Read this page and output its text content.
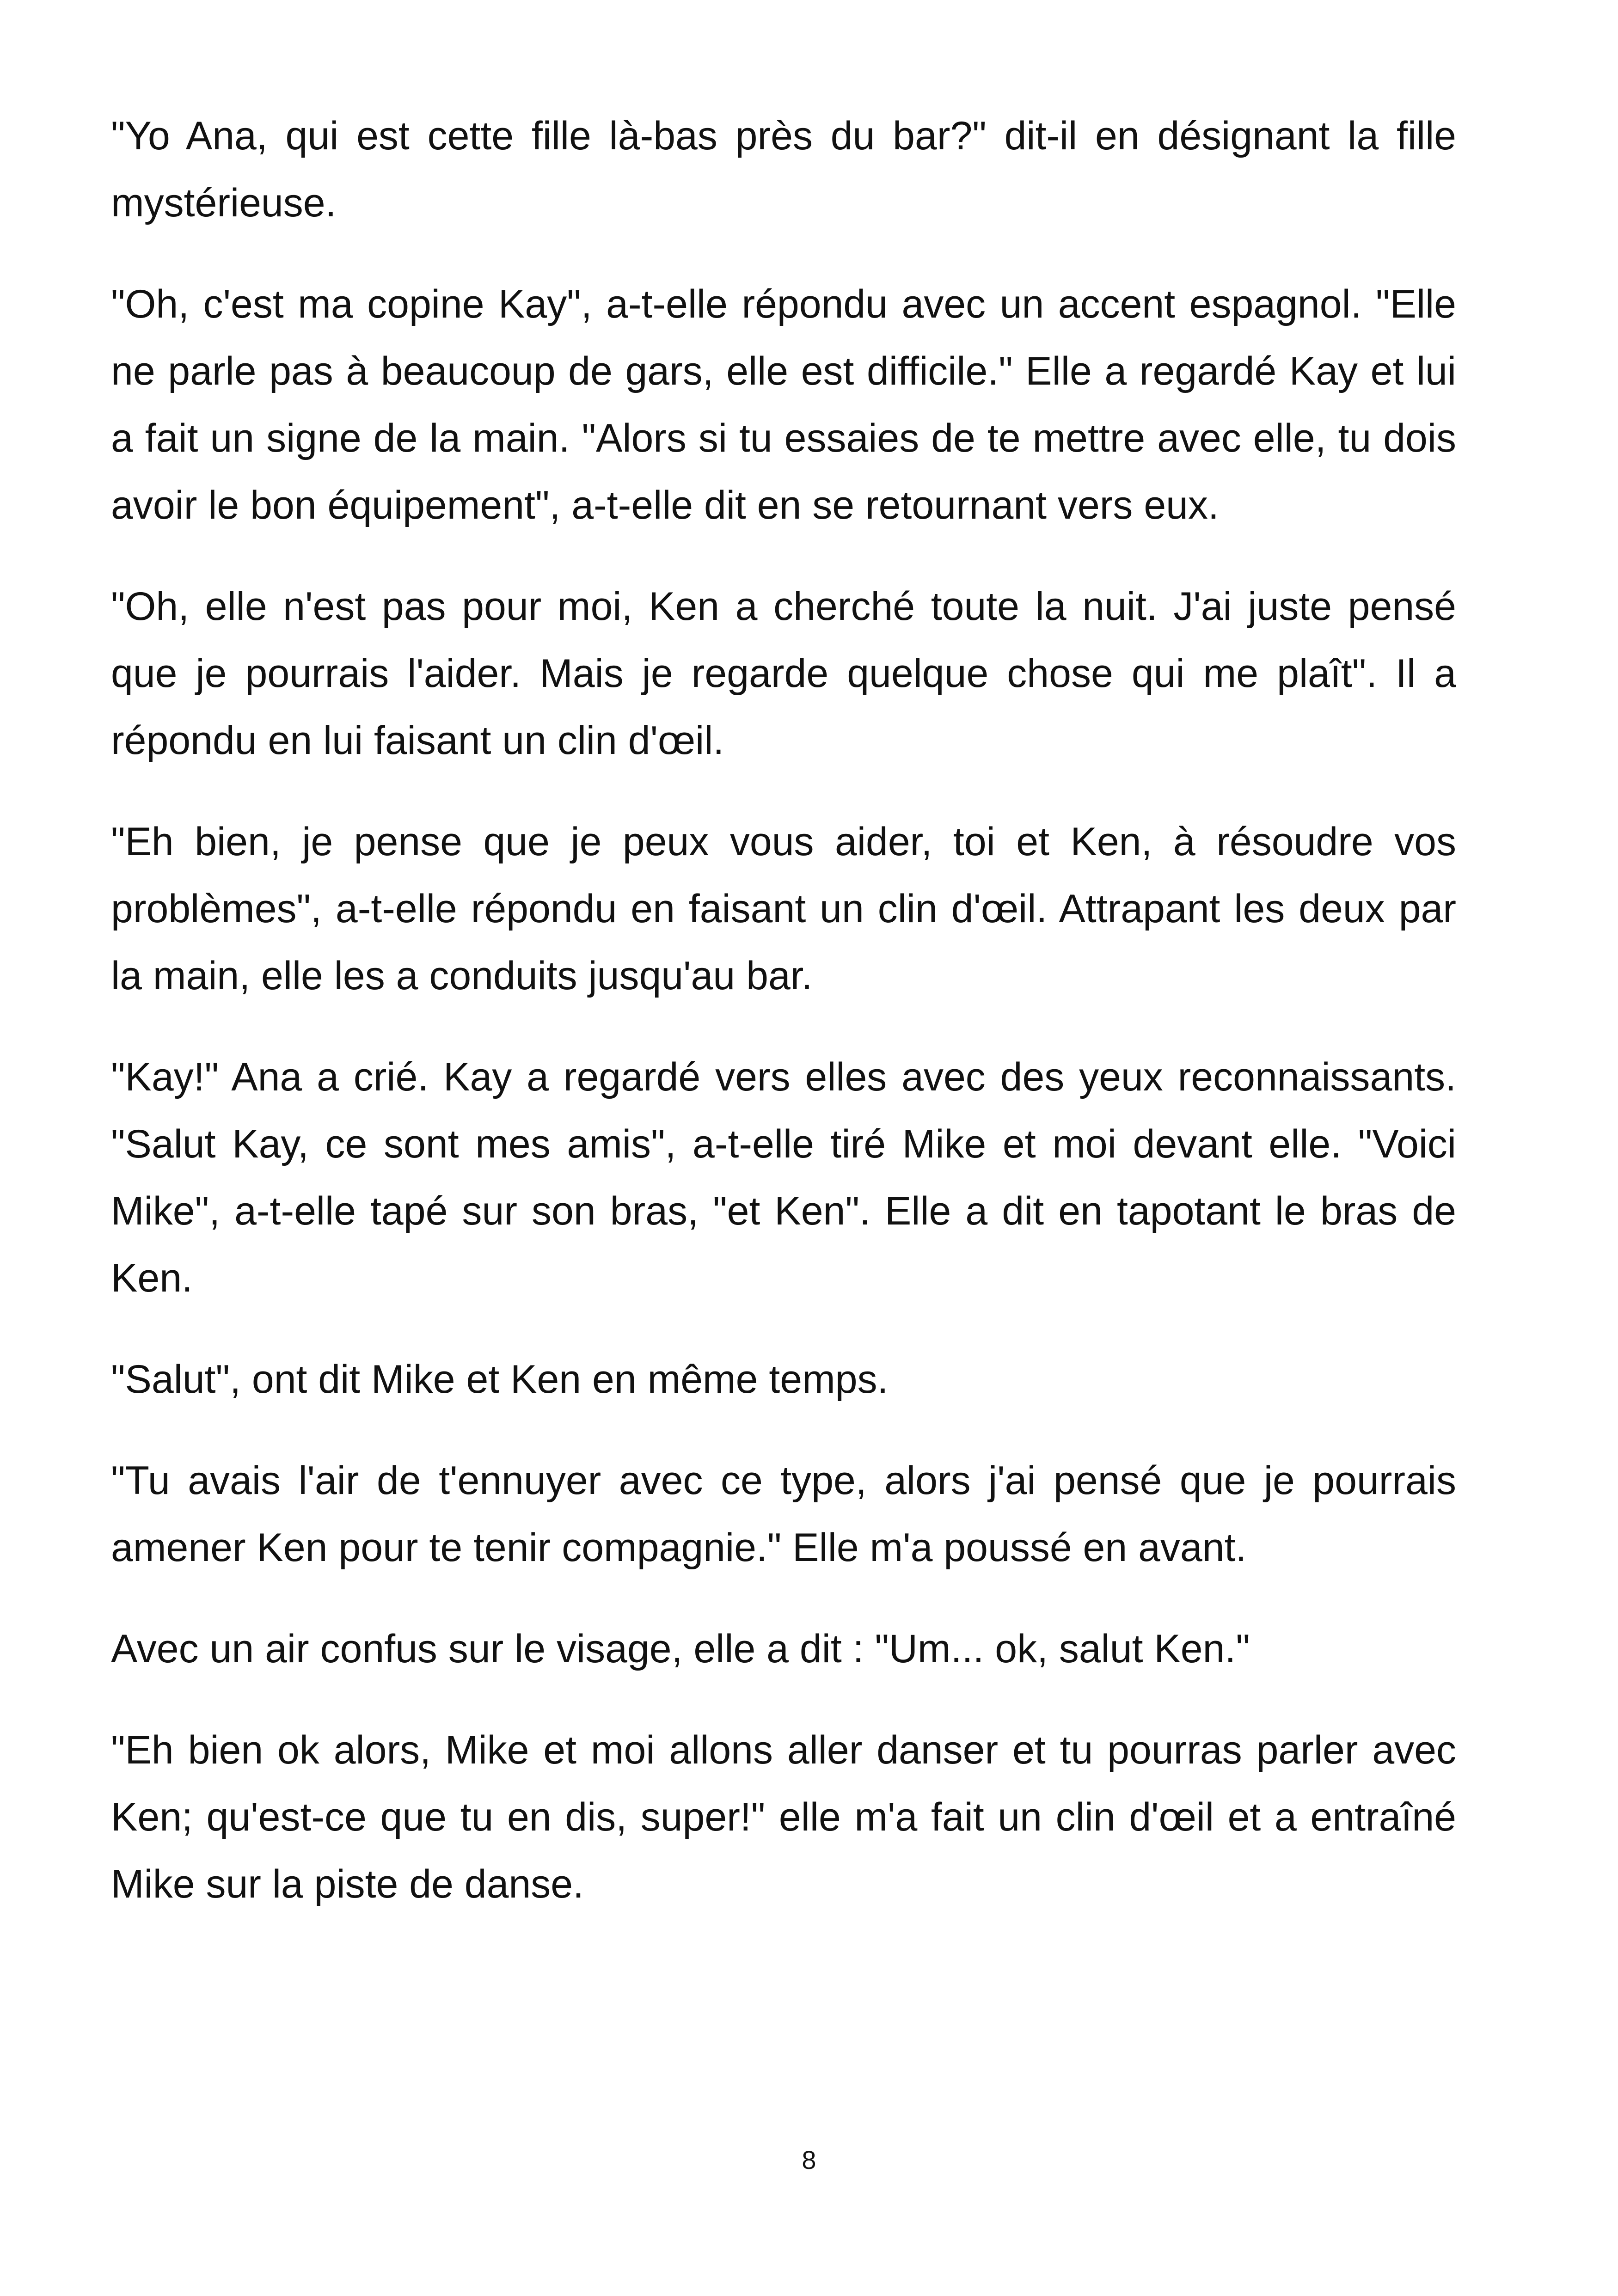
"Yo Ana, qui est cette fille là-bas près du bar?" dit-il en désignant la fille mystérieuse.

"Oh, c'est ma copine Kay", a-t-elle répondu avec un accent espagnol. "Elle ne parle pas à beaucoup de gars, elle est difficile." Elle a regardé Kay et lui a fait un signe de la main. "Alors si tu essaies de te mettre avec elle, tu dois avoir le bon équipement", a-t-elle dit en se retournant vers eux.

"Oh, elle n'est pas pour moi, Ken a cherché toute la nuit. J'ai juste pensé que je pourrais l'aider. Mais je regarde quelque chose qui me plaît". Il a répondu en lui faisant un clin d'œil.

"Eh bien, je pense que je peux vous aider, toi et Ken, à résoudre vos problèmes", a-t-elle répondu en faisant un clin d'œil. Attrapant les deux par la main, elle les a conduits jusqu'au bar.

"Kay!" Ana a crié. Kay a regardé vers elles avec des yeux reconnaissants. "Salut Kay, ce sont mes amis", a-t-elle tiré Mike et moi devant elle. "Voici Mike", a-t-elle tapé sur son bras, "et Ken". Elle a dit en tapotant le bras de Ken.

"Salut", ont dit Mike et Ken en même temps.

"Tu avais l'air de t'ennuyer avec ce type, alors j'ai pensé que je pourrais amener Ken pour te tenir compagnie." Elle m'a poussé en avant.

Avec un air confus sur le visage, elle a dit : "Um... ok, salut Ken."

"Eh bien ok alors, Mike et moi allons aller danser et tu pourras parler avec Ken; qu'est-ce que tu en dis, super!" elle m'a fait un clin d'œil et a entraîné Mike sur la piste de danse.

8
